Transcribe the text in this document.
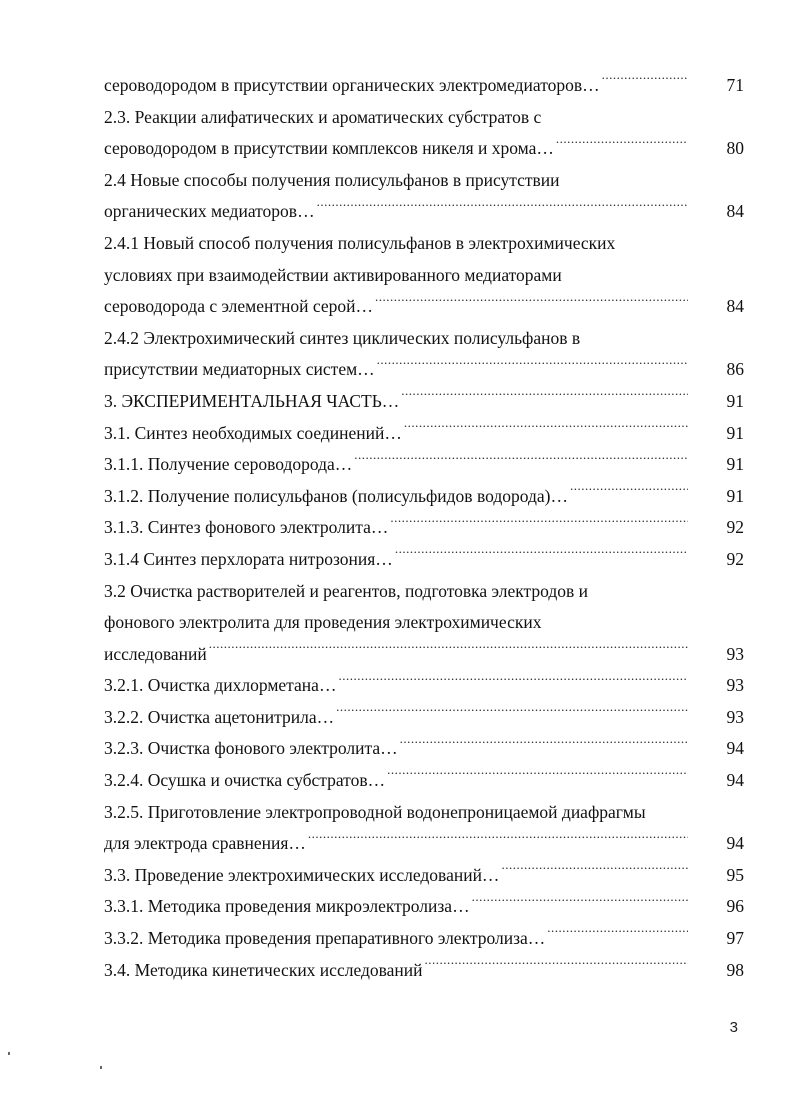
сероводородом в присутствии органических электромедиаторов… .....	71
2.3. Реакции алифатических и ароматических субстратов с
сероводородом в присутствии комплексов никеля и хрома… .....	80
2.4 Новые способы получения полисульфанов в присутствии
органических медиаторов… .....	84
2.4.1 Новый способ получения полисульфанов в электрохимических
условиях при взаимодействии активированного медиаторами
сероводорода с элементной серой… .....	84
2.4.2 Электрохимический синтез циклических полисульфанов в
присутствии медиаторных систем… .....	86
3. ЭКСПЕРИМЕНТАЛЬНАЯ ЧАСТЬ… .....	91
3.1. Синтез необходимых соединений… .....	91
3.1.1. Получение сероводорода… .....	91
3.1.2. Получение полисульфанов (полисульфидов водорода)… .....	91
3.1.3. Синтез фонового электролита… .....	92
3.1.4 Синтез перхлората нитрозония… .....	92
3.2 Очистка растворителей и реагентов, подготовка электродов и
фонового электролита для проведения электрохимических
исследований .....	93
3.2.1. Очистка дихлорметана… .....	93
3.2.2. Очистка ацетонитрила… .....	93
3.2.3. Очистка фонового электролита… .....	94
3.2.4. Осушка и очистка субстратов… .....	94
3.2.5. Приготовление электропроводной водонепроницаемой диафрагмы
для электрода сравнения… .....	94
3.3. Проведение электрохимических исследований… .....	95
3.3.1. Методика проведения микроэлектролиза… .....	96
3.3.2. Методика проведения препаративного электролиза… .....	97
3.4. Методика кинетических исследований .....	98
3
